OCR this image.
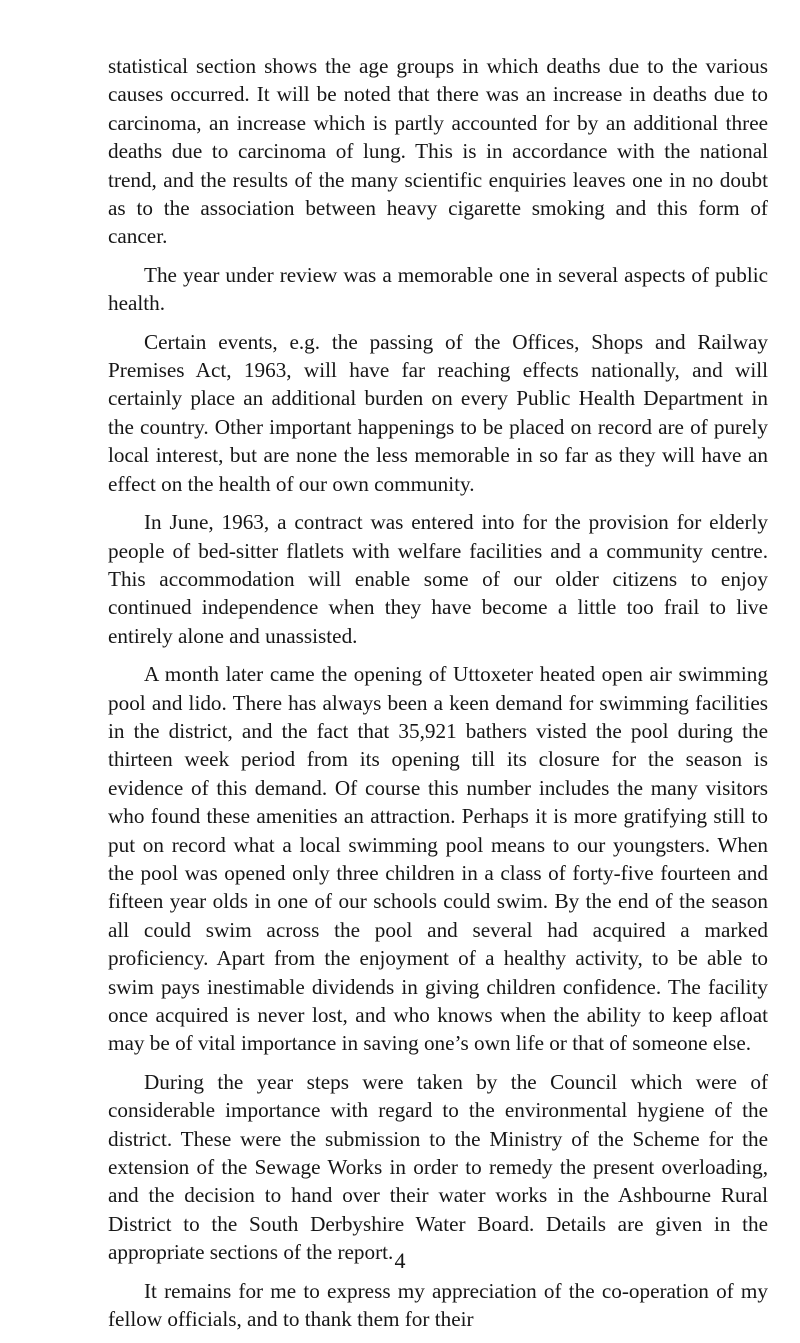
statistical section shows the age groups in which deaths due to the various causes occurred. It will be noted that there was an increase in deaths due to carcinoma, an increase which is partly accounted for by an additional three deaths due to carcinoma of lung. This is in accordance with the national trend, and the results of the many scientific enquiries leaves one in no doubt as to the association between heavy cigarette smoking and this form of cancer.

The year under review was a memorable one in several aspects of public health.

Certain events, e.g. the passing of the Offices, Shops and Railway Premises Act, 1963, will have far reaching effects nationally, and will certainly place an additional burden on every Public Health Department in the country. Other important happenings to be placed on record are of purely local interest, but are none the less memorable in so far as they will have an effect on the health of our own community.

In June, 1963, a contract was entered into for the provision for elderly people of bed-sitter flatlets with welfare facilities and a community centre. This accommodation will enable some of our older citizens to enjoy continued independence when they have become a little too frail to live entirely alone and unassisted.

A month later came the opening of Uttoxeter heated open air swimming pool and lido. There has always been a keen demand for swimming facilities in the district, and the fact that 35,921 bathers visted the pool during the thirteen week period from its opening till its closure for the season is evidence of this demand. Of course this number includes the many visitors who found these amenities an attraction. Perhaps it is more gratifying still to put on record what a local swimming pool means to our youngsters. When the pool was opened only three children in a class of forty-five fourteen and fifteen year olds in one of our schools could swim. By the end of the season all could swim across the pool and several had acquired a marked proficiency. Apart from the enjoyment of a healthy activity, to be able to swim pays inestimable dividends in giving children confidence. The facility once acquired is never lost, and who knows when the ability to keep afloat may be of vital importance in saving one’s own life or that of someone else.

During the year steps were taken by the Council which were of considerable importance with regard to the environmental hygiene of the district. These were the submission to the Ministry of the Scheme for the extension of the Sewage Works in order to remedy the present overloading, and the decision to hand over their water works in the Ashbourne Rural District to the South Derbyshire Water Board. Details are given in the appropriate sections of the report.

It remains for me to express my appreciation of the co-operation of my fellow officials, and to thank them for their

4
